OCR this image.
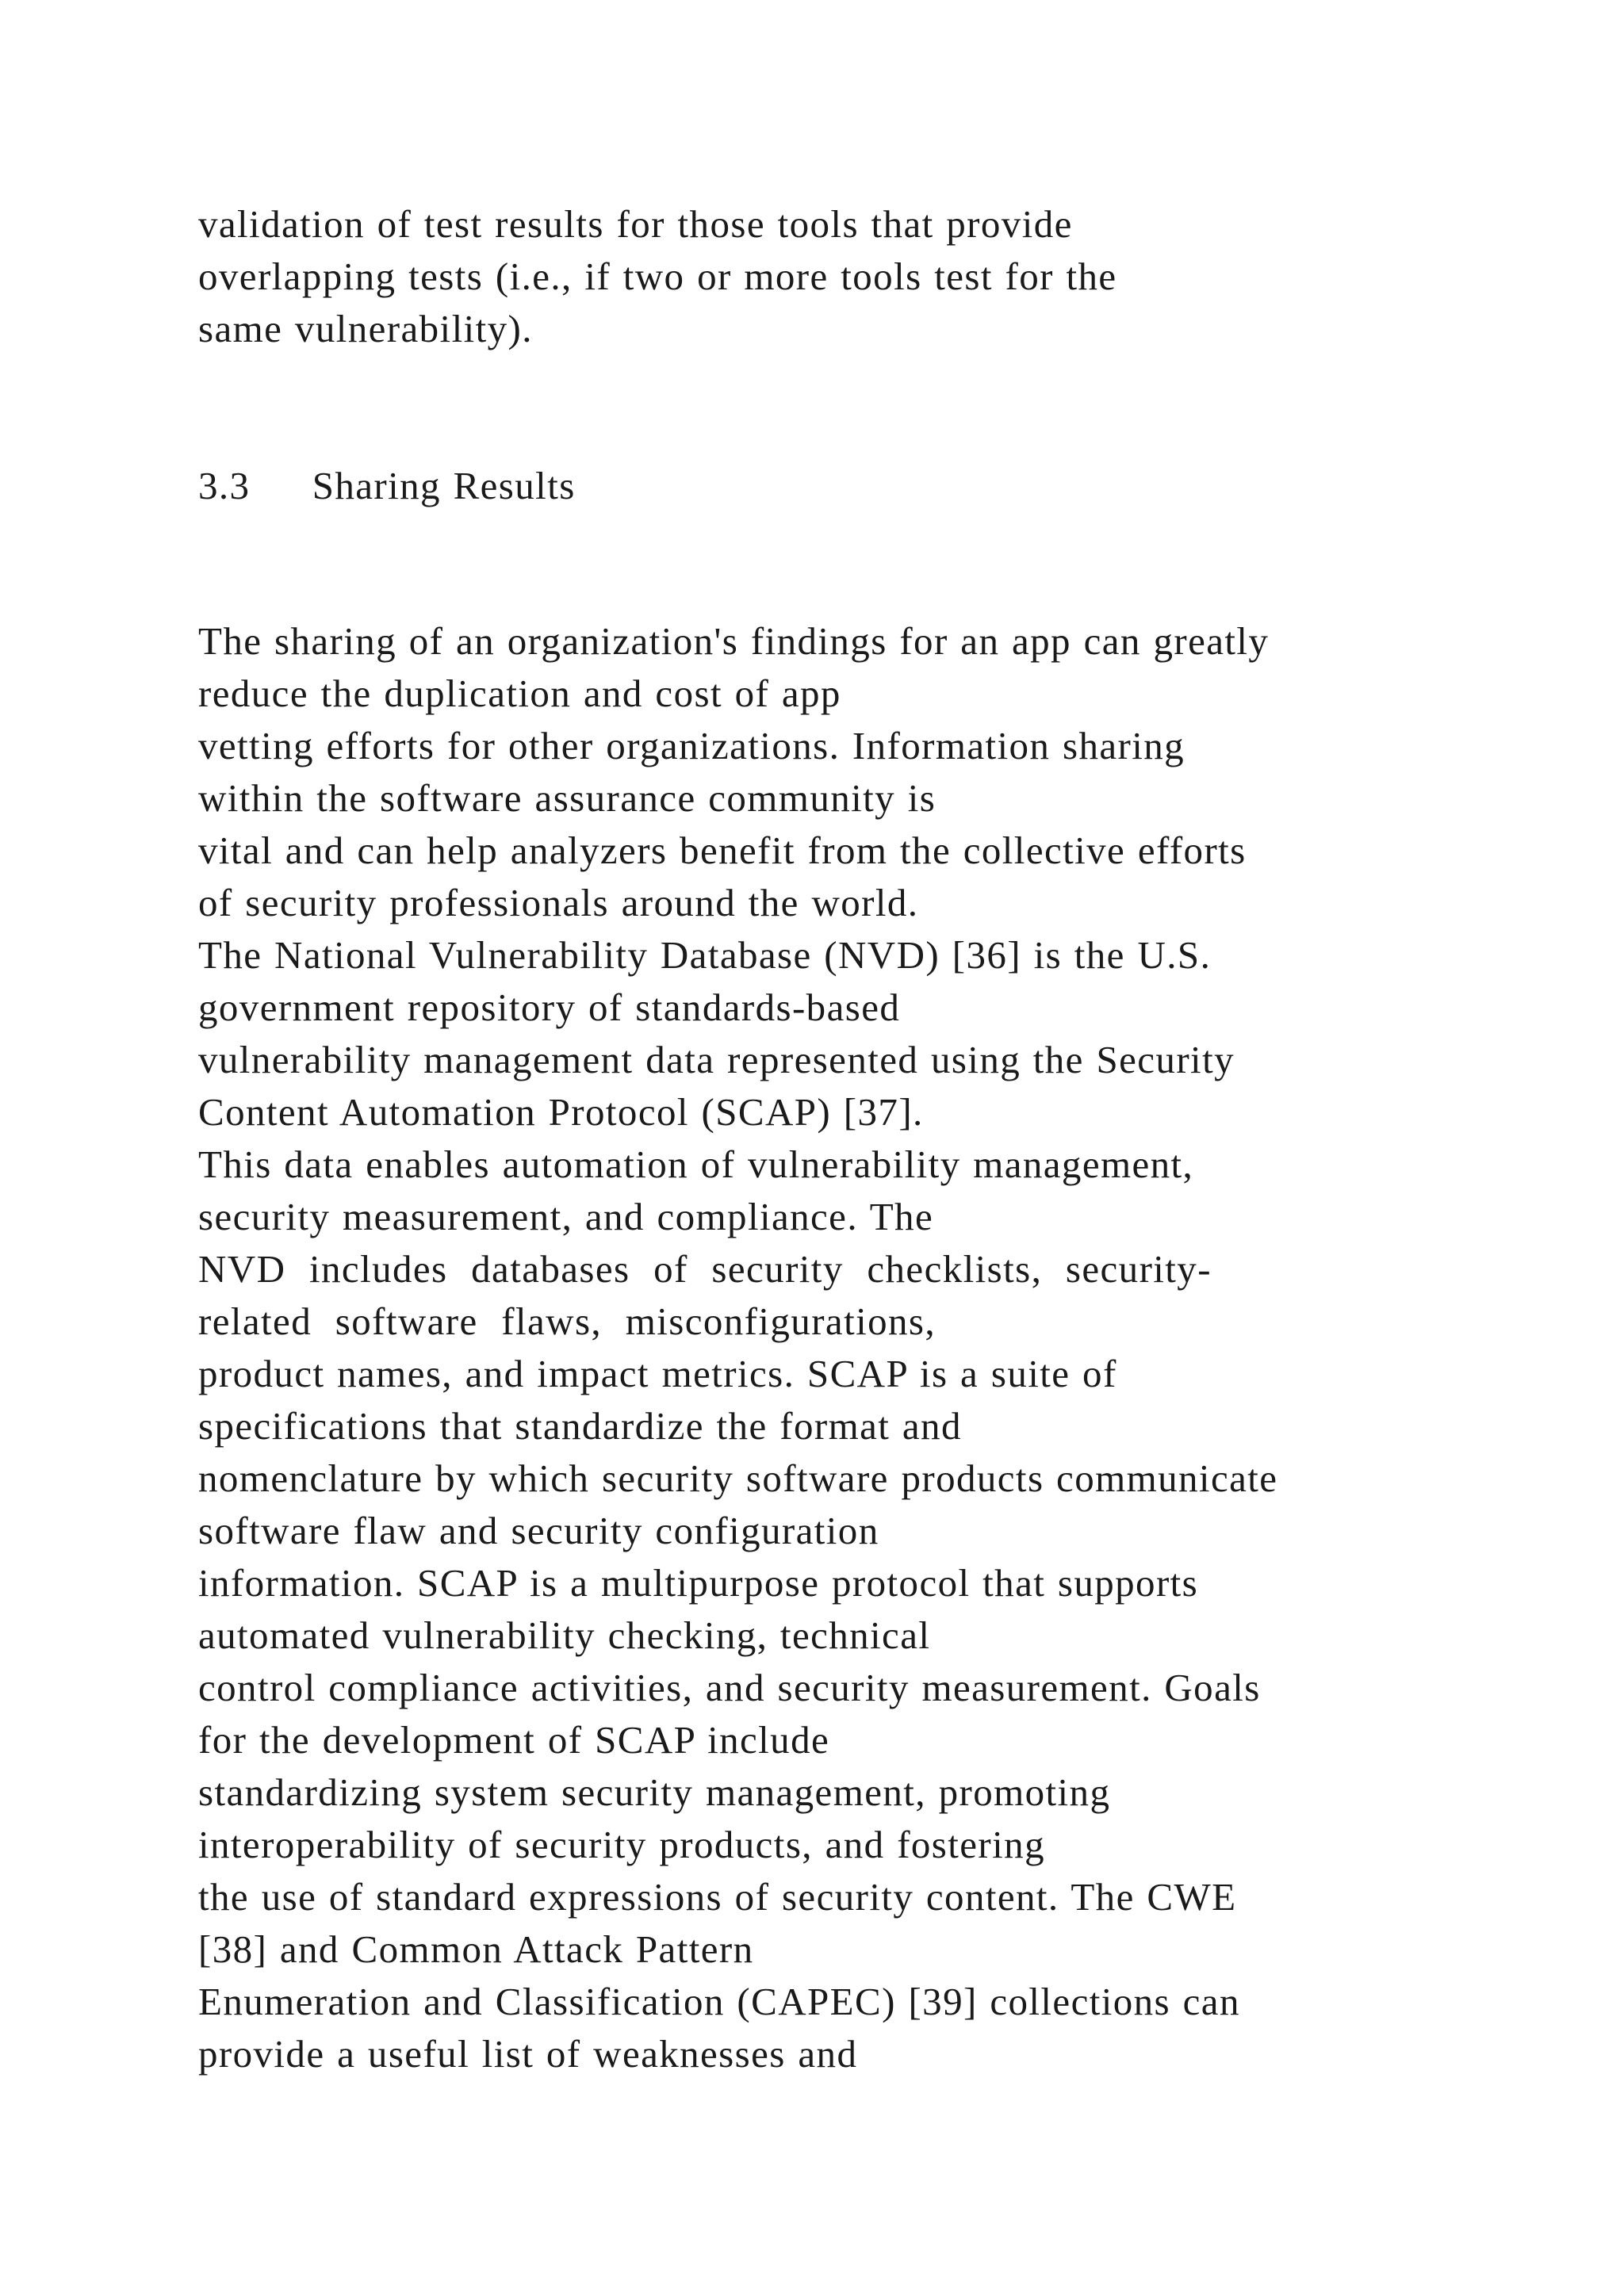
validation of test results for those tools that provide
overlapping tests (i.e., if two or more tools test for the
same vulnerability).
3.3     Sharing Results
The sharing of an organization's findings for an app can greatly
reduce the duplication and cost of app
vetting efforts for other organizations. Information sharing
within the software assurance community is
vital and can help analyzers benefit from the collective efforts
of security professionals around the world.
The National Vulnerability Database (NVD) [36] is the U.S.
government repository of standards-based
vulnerability management data represented using the Security
Content Automation Protocol (SCAP) [37].
This data enables automation of vulnerability management,
security measurement, and compliance. The
NVD includes databases of security checklists, security-
related software flaws, misconfigurations,
product names, and impact metrics. SCAP is a suite of
specifications that standardize the format and
nomenclature by which security software products communicate
software flaw and security configuration
information. SCAP is a multipurpose protocol that supports
automated vulnerability checking, technical
control compliance activities, and security measurement. Goals
for the development of SCAP include
standardizing system security management, promoting
interoperability of security products, and fostering
the use of standard expressions of security content. The CWE
[38] and Common Attack Pattern
Enumeration and Classification (CAPEC) [39] collections can
provide a useful list of weaknesses and
